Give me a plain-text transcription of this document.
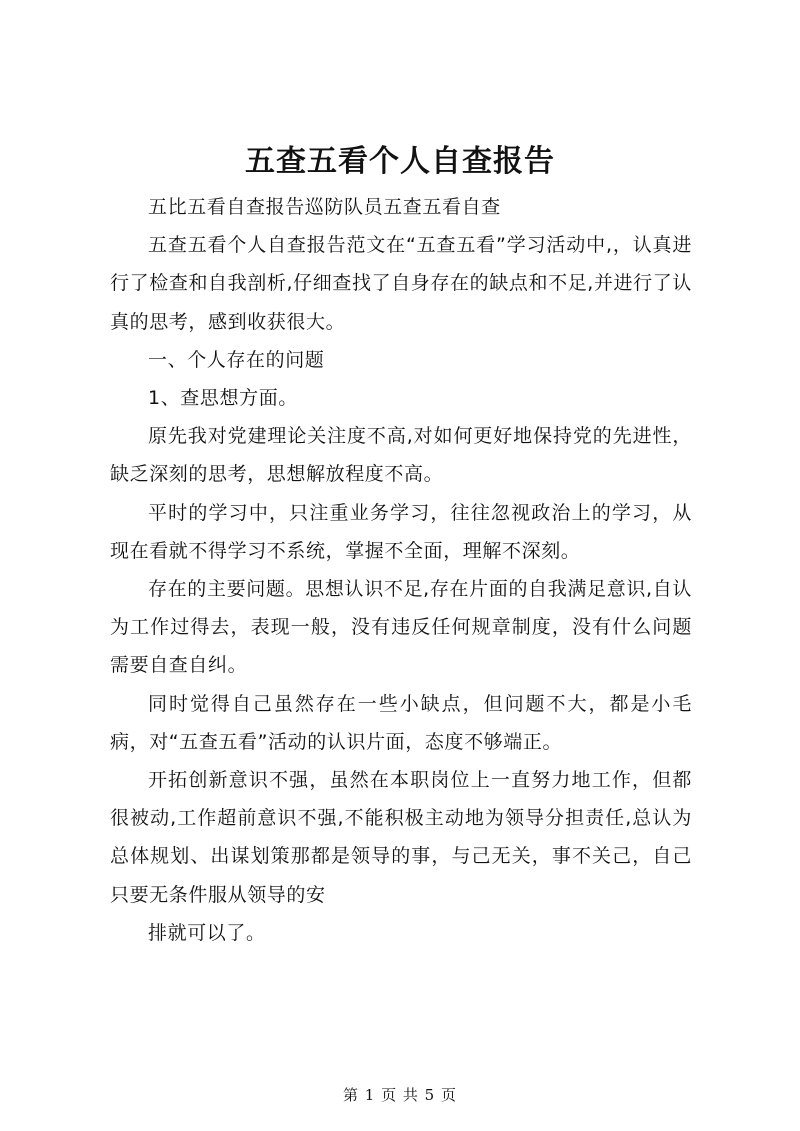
五查五看个人自查报告

五比五看自查报告巡防队员五查五看自查

五查五看个人自查报告范文在“五查五看”学习活动中,，认真进行了检查和自我剖析,仔细查找了自身存在的缺点和不足,并进行了认真的思考，感到收获很大。

一、个人存在的问题

1、查思想方面。

原先我对党建理论关注度不高,对如何更好地保持党的先进性，缺乏深刻的思考，思想解放程度不高。

平时的学习中，只注重业务学习，往往忽视政治上的学习，从现在看就不得学习不系统，掌握不全面，理解不深刻。

存在的主要问题。思想认识不足,存在片面的自我满足意识,自认为工作过得去，表现一般，没有违反任何规章制度，没有什么问题需要自查自纠。

同时觉得自己虽然存在一些小缺点，但问题不大，都是小毛病，对“五查五看”活动的认识片面，态度不够端正。

开拓创新意识不强，虽然在本职岗位上一直努力地工作，但都很被动,工作超前意识不强,不能积极主动地为领导分担责任,总认为总体规划、出谋划策那都是领导的事，与己无关，事不关己，自己只要无条件服从领导的安

排就可以了。

第 1 页 共 5 页
